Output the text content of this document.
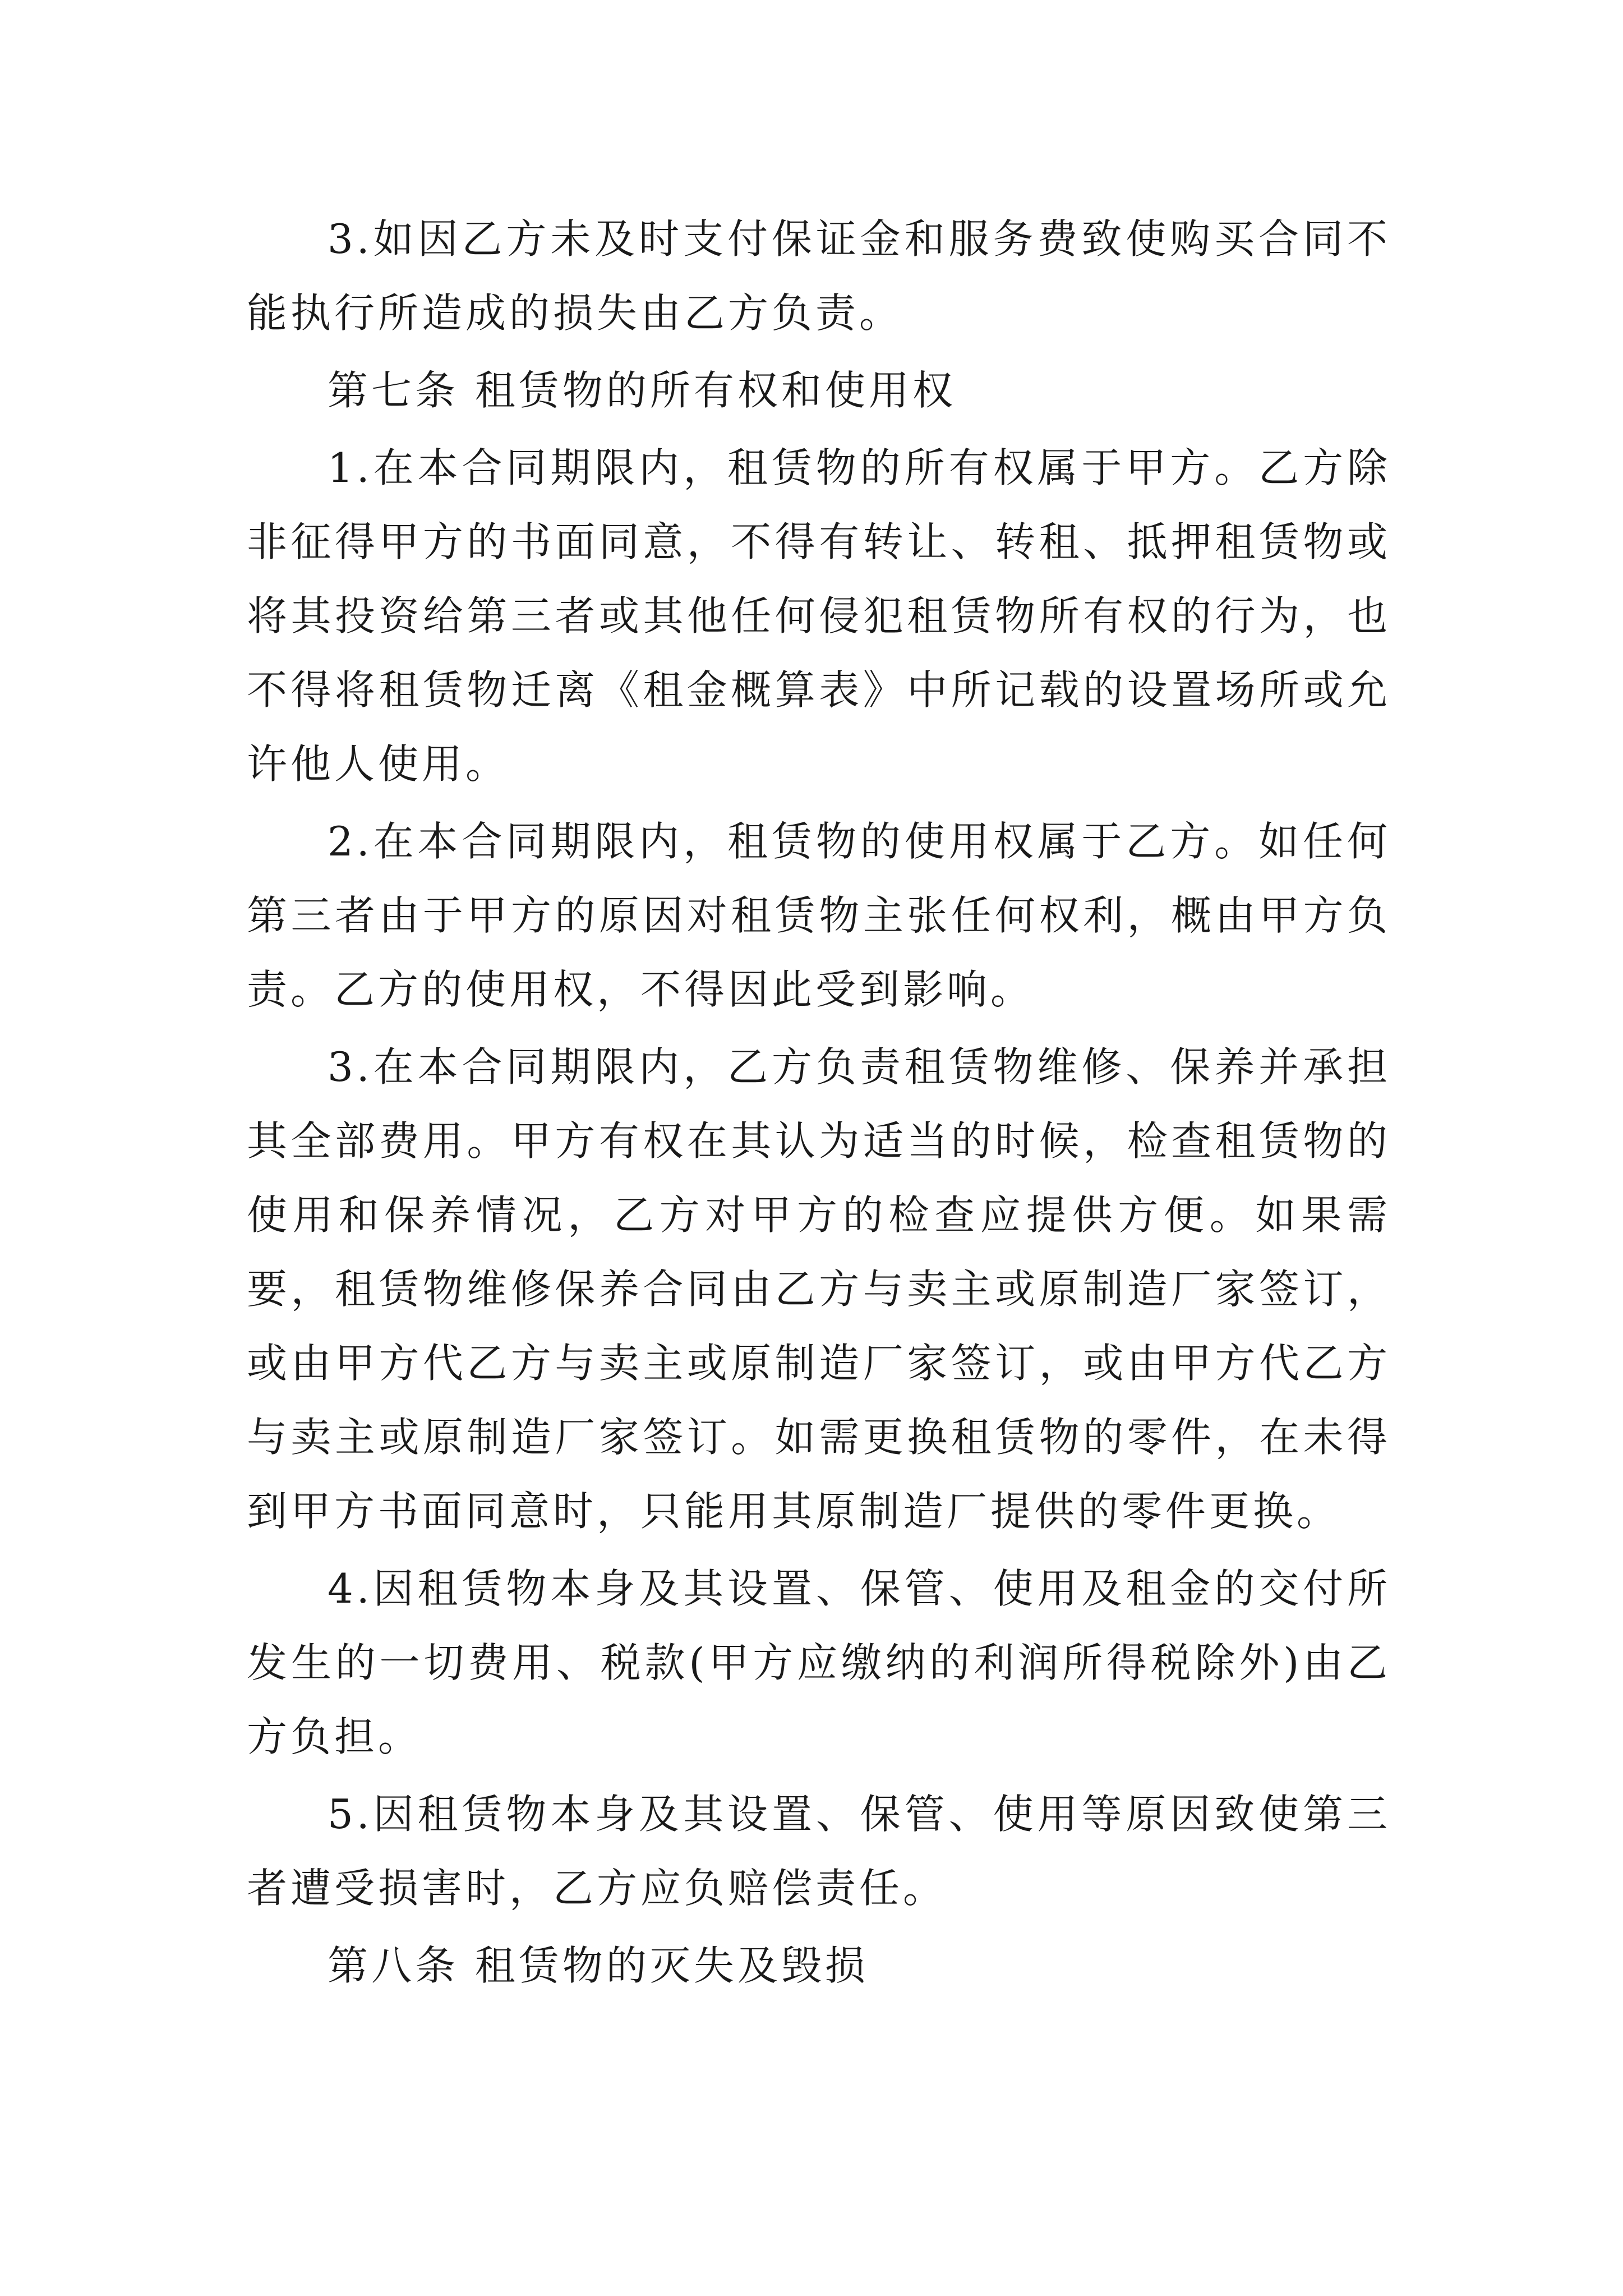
3.如因乙方未及时支付保证金和服务费致使购买合同不能执行所造成的损失由乙方负责。

第七条 租赁物的所有权和使用权

1.在本合同期限内，租赁物的所有权属于甲方。乙方除非征得甲方的书面同意，不得有转让、转租、抵押租赁物或将其投资给第三者或其他任何侵犯租赁物所有权的行为，也不得将租赁物迁离《租金概算表》中所记载的设置场所或允许他人使用。

2.在本合同期限内，租赁物的使用权属于乙方。如任何第三者由于甲方的原因对租赁物主张任何权利，概由甲方负责。乙方的使用权，不得因此受到影响。

3.在本合同期限内，乙方负责租赁物维修、保养并承担其全部费用。甲方有权在其认为适当的时候，检查租赁物的使用和保养情况，乙方对甲方的检查应提供方便。如果需要，租赁物维修保养合同由乙方与卖主或原制造厂家签订，或由甲方代乙方与卖主或原制造厂家签订，或由甲方代乙方与卖主或原制造厂家签订。如需更换租赁物的零件，在未得到甲方书面同意时，只能用其原制造厂提供的零件更换。

4.因租赁物本身及其设置、保管、使用及租金的交付所发生的一切费用、税款(甲方应缴纳的利润所得税除外)由乙方负担。

5.因租赁物本身及其设置、保管、使用等原因致使第三者遭受损害时，乙方应负赔偿责任。

第八条 租赁物的灭失及毁损
